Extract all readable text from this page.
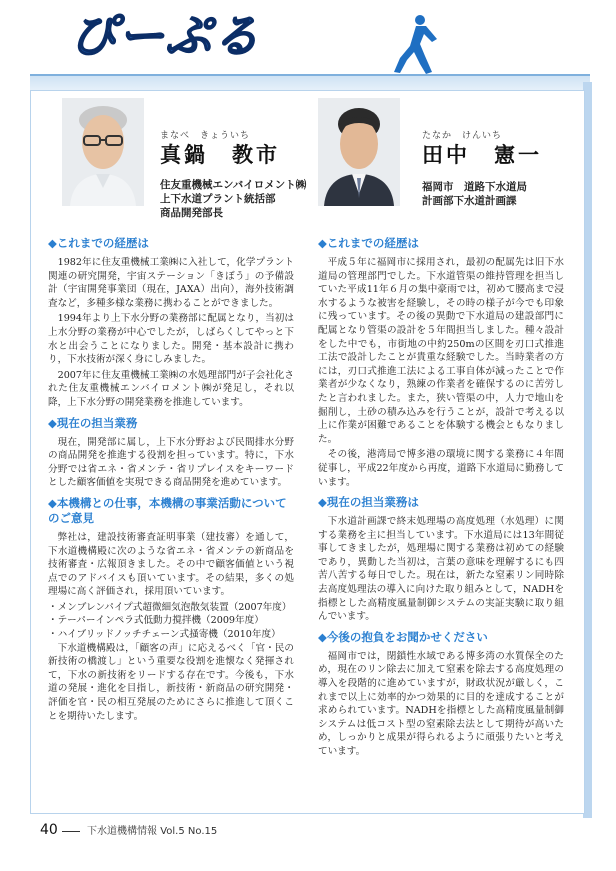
ぴーぷる
まなべ　きょういち
真鍋　教市
住友重機械エンバイロメント㈱
上下水道プラント統括部
商品開発部長
たなか　けんいち
田中　憲一
福岡市　道路下水道局
計画部下水道計画課
◆これまでの経歴は

1982年に住友重機械工業㈱に入社して，化学プラント関連の研究開発，宇宙ステーション「きぼう」の予備設計（宇宙開発事業団（現在，JAXA）出向），海外技術調査など，多種多様な業務に携わることができました。

1994年より上下水分野の業務部に配属となり，当初は上水分野の業務が中心でしたが，しばらくしてやっと下水と出会うことになりました。開発・基本設計に携わり，下水技術が深く身にしみました。

2007年に住友重機械工業㈱の水処理部門が子会社化された住友重機械エンバイロメント㈱が発足し，それ以降，上下水分野の開発業務を推進しています。

◆現在の担当業務

現在，開発部に属し，上下水分野および民間排水分野の商品開発を推進する役割を担っています。特に，下水分野では省エネ・省メンテ・省リプレイスをキーワードとした顧客価値を実現できる商品開発を進めています。

◆本機構との仕事，本機構の事業活動についてのご意見

弊社は，建設技術審査証明事業（建技審）を通して，下水道機構殿に次のような省エネ・省メンテの新商品を技術審査・広報頂きました。その中で顧客価値という視点でのアドバイスも頂いています。その結果，多くの処理場に高く評価され，採用頂いています。

・メンブレンパイプ式超微細気泡散気装置（2007年度）

・テーパーインペラ式低動力撹拌機（2009年度）

・ハイブリッドノッチチェーン式掻寄機（2010年度）

下水道機構殿は，「顧客の声」に応えるべく「官・民の新技術の橋渡し」という重要な役割を進懐なく発揮されて，下水の新技術をリードする存在です。今後も，下水道の発展・進化を目指し，新技術・新商品の研究開発・評価を官・民の相互発展のためにさらに推進して頂くことを期待いたします。

◆これまでの経歴は

平成５年に福岡市に採用され，最初の配属先は旧下水道局の管理部門でした。下水道管渠の維持管理を担当していた平成11年６月の集中豪雨では，初めて腰高まで浸水するような被害を経験し，その時の様子が今でも印象に残っています。その後の異動で下水道局の建設部門に配属となり管渠の設計を５年間担当しました。種々設計をした中でも，市街地の中約250mの区間を刃口式推進工法で設計したことが貴重な経験でした。当時業者の方には，刃口式推進工法による工事自体が減ったことで作業者が少なくなり，熟練の作業者を確保するのに苦労したと言われました。また，狭い管渠の中，人力で地山を掘削し，土砂の積み込みを行うことが，設計で考える以上に作業が困難であることを体験する機会ともなりました。

その後，港湾局で博多港の環境に関する業務に４年間従事し，平成22年度から再度，道路下水道局に勤務しています。

◆現在の担当業務は

下水道計画課で終末処理場の高度処理（水処理）に関する業務を主に担当しています。下水道局には13年間従事してきましたが，処理場に関する業務は初めての経験であり，異動した当初は，言葉の意味を理解するにも四苦八苦する毎日でした。現在は，新たな窒素リン同時除去高度処理法の導入に向けた取り組みとして，NADHを指標とした高精度風量制御システムの実証実験に取り組んでいます。

◆今後の抱負をお聞かせください

福岡市では，閉鎖性水域である博多湾の水質保全のため，現在のリン除去に加えて窒素を除去する高度処理の導入を段階的に進めていますが，財政状況が厳しく，これまで以上に効率的かつ効果的に目的を達成することが求められています。NADHを指標とした高精度風量制御システムは低コスト型の窒素除去法として期待が高いため，しっかりと成果が得られるように頑張りたいと考えています。

40	下水道機構情報 Vol.5 No.15
